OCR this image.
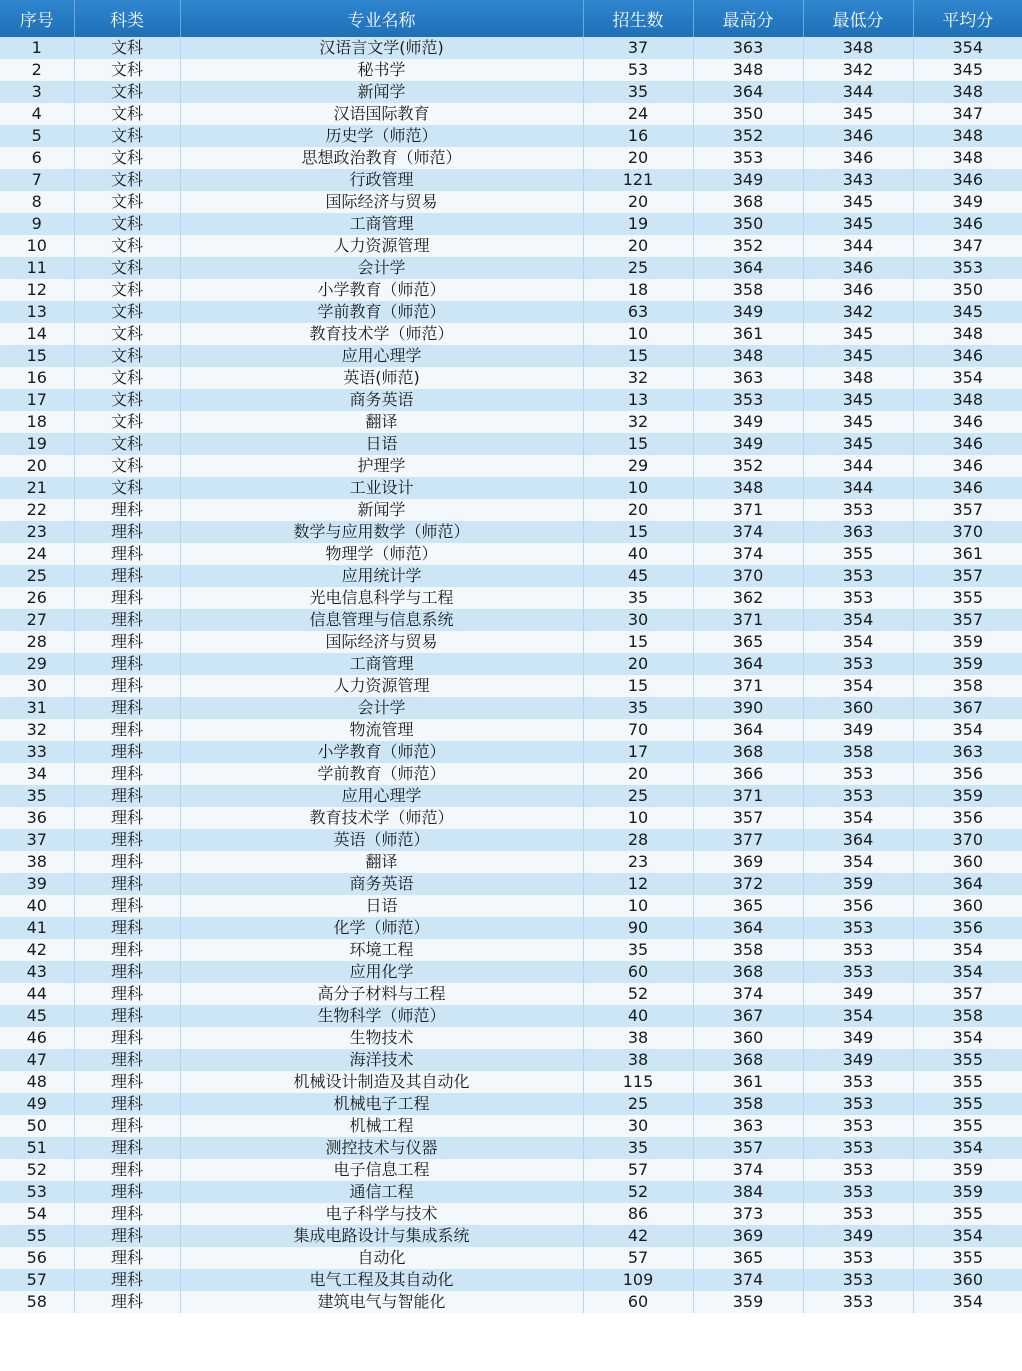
序号	科类	专业名称	招生数	最高分	最低分	平均分
1	文科	汉语言文学(师范)	37	363	348	354
2	文科	秘书学	53	348	342	345
3	文科	新闻学	35	364	344	348
4	文科	汉语国际教育	24	350	345	347
5	文科	历史学（师范）	16	352	346	348
6	文科	思想政治教育（师范）	20	353	346	348
7	文科	行政管理	121	349	343	346
8	文科	国际经济与贸易	20	368	345	349
9	文科	工商管理	19	350	345	346
10	文科	人力资源管理	20	352	344	347
11	文科	会计学	25	364	346	353
12	文科	小学教育（师范）	18	358	346	350
13	文科	学前教育（师范）	63	349	342	345
14	文科	教育技术学（师范）	10	361	345	348
15	文科	应用心理学	15	348	345	346
16	文科	英语(师范)	32	363	348	354
17	文科	商务英语	13	353	345	348
18	文科	翻译	32	349	345	346
19	文科	日语	15	349	345	346
20	文科	护理学	29	352	344	346
21	文科	工业设计	10	348	344	346
22	理科	新闻学	20	371	353	357
23	理科	数学与应用数学（师范）	15	374	363	370
24	理科	物理学（师范）	40	374	355	361
25	理科	应用统计学	45	370	353	357
26	理科	光电信息科学与工程	35	362	353	355
27	理科	信息管理与信息系统	30	371	354	357
28	理科	国际经济与贸易	15	365	354	359
29	理科	工商管理	20	364	353	359
30	理科	人力资源管理	15	371	354	358
31	理科	会计学	35	390	360	367
32	理科	物流管理	70	364	349	354
33	理科	小学教育（师范）	17	368	358	363
34	理科	学前教育（师范）	20	366	353	356
35	理科	应用心理学	25	371	353	359
36	理科	教育技术学（师范）	10	357	354	356
37	理科	英语（师范）	28	377	364	370
38	理科	翻译	23	369	354	360
39	理科	商务英语	12	372	359	364
40	理科	日语	10	365	356	360
41	理科	化学（师范）	90	364	353	356
42	理科	环境工程	35	358	353	354
43	理科	应用化学	60	368	353	354
44	理科	高分子材料与工程	52	374	349	357
45	理科	生物科学（师范）	40	367	354	358
46	理科	生物技术	38	360	349	354
47	理科	海洋技术	38	368	349	355
48	理科	机械设计制造及其自动化	115	361	353	355
49	理科	机械电子工程	25	358	353	355
50	理科	机械工程	30	363	353	355
51	理科	测控技术与仪器	35	357	353	354
52	理科	电子信息工程	57	374	353	359
53	理科	通信工程	52	384	353	359
54	理科	电子科学与技术	86	373	353	355
55	理科	集成电路设计与集成系统	42	369	349	354
56	理科	自动化	57	365	353	355
57	理科	电气工程及其自动化	109	374	353	360
58	理科	建筑电气与智能化	60	359	353	354
